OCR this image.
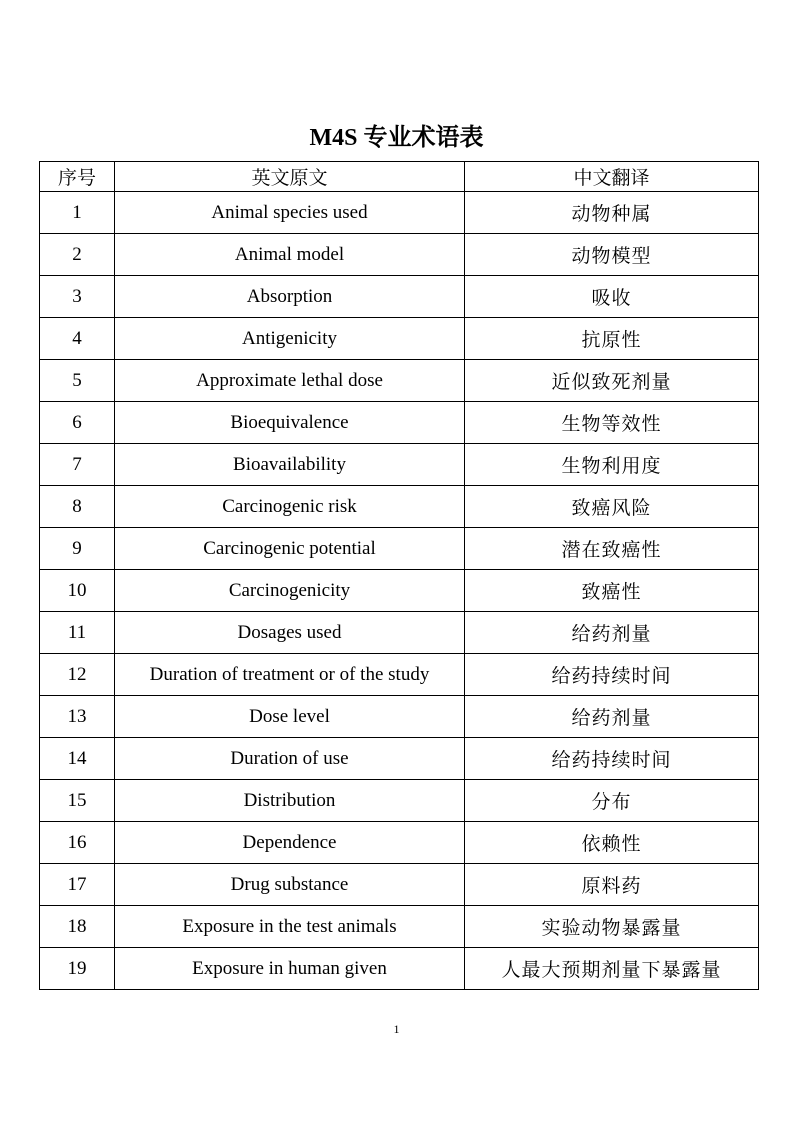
M4S 专业术语表
序号	英文原文	中文翻译
1	Animal species used	动物种属
2	Animal model	动物模型
3	Absorption	吸收
4	Antigenicity	抗原性
5	Approximate lethal dose	近似致死剂量
6	Bioequivalence	生物等效性
7	Bioavailability	生物利用度
8	Carcinogenic risk	致癌风险
9	Carcinogenic potential	潜在致癌性
10	Carcinogenicity	致癌性
11	Dosages used	给药剂量
12	Duration of treatment or of the study	给药持续时间
13	Dose level	给药剂量
14	Duration of use	给药持续时间
15	Distribution	分布
16	Dependence	依赖性
17	Drug substance	原料药
18	Exposure in the test animals	实验动物暴露量
19	Exposure in human given	人最大预期剂量下暴露量
1
